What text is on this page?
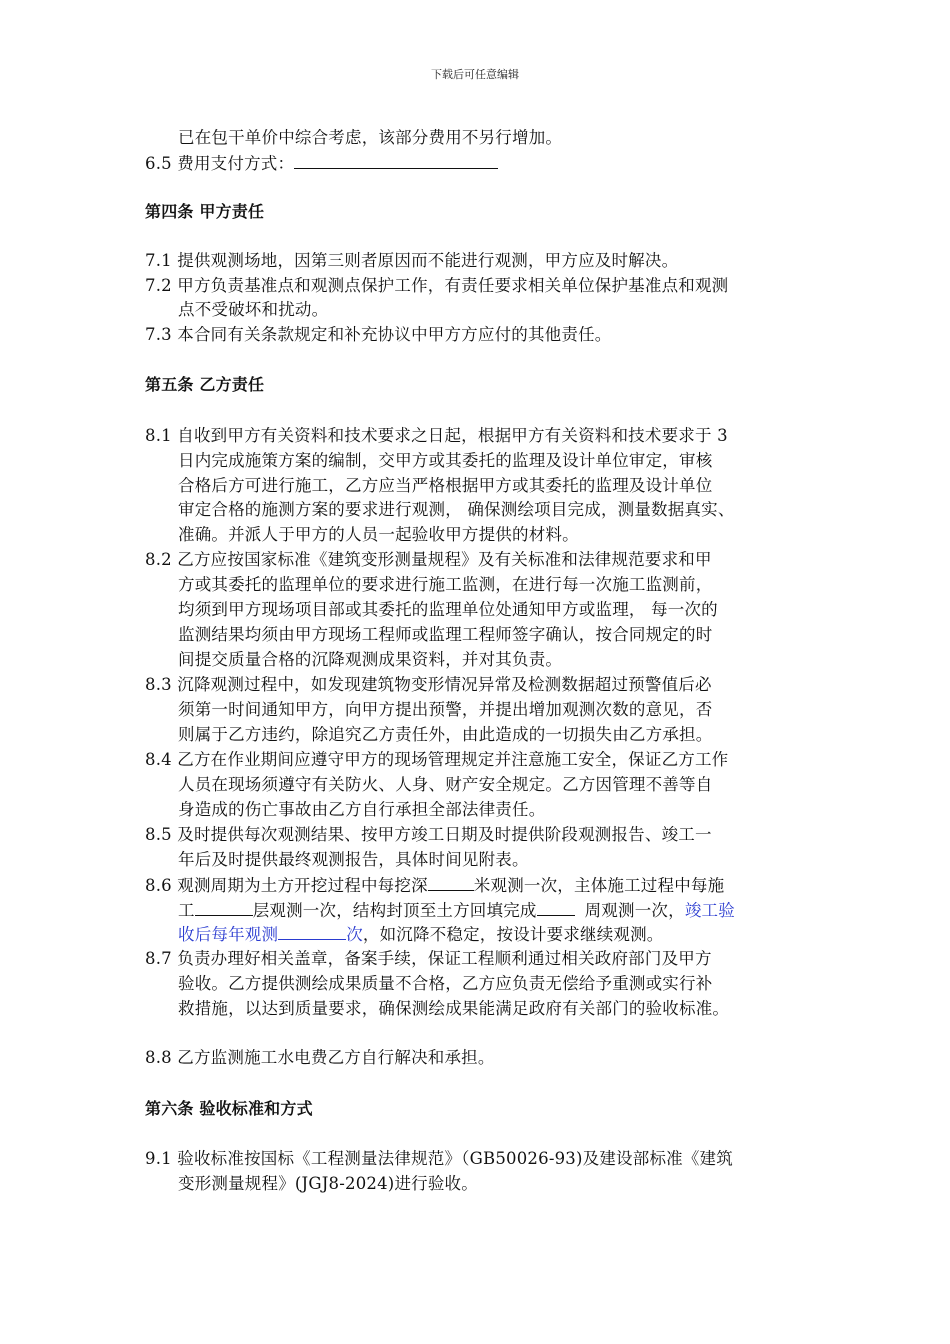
下载后可任意编辑
已在包干单价中综合考虑，该部分费用不另行增加。
6.5 费用支付方式：
第四条 甲方责任
7.1 提供观测场地，因第三则者原因而不能进行观测，甲方应及时解决。
7.2 甲方负责基准点和观测点保护工作，有责任要求相关单位保护基准点和观测
点不受破坏和扰动。
7.3 本合同有关条款规定和补充协议中甲方方应付的其他责任。
第五条 乙方责任
8.1 自收到甲方有关资料和技术要求之日起，根据甲方有关资料和技术要求于 3
日内完成施策方案的编制，交甲方或其委托的监理及设计单位审定，审核
合格后方可进行施工，乙方应当严格根据甲方或其委托的监理及设计单位
审定合格的施测方案的要求进行观测， 确保测绘项目完成，测量数据真实、
准确。并派人于甲方的人员一起验收甲方提供的材料。
8.2 乙方应按国家标准《建筑变形测量规程》及有关标准和法律规范要求和甲
方或其委托的监理单位的要求进行施工监测，在进行每一次施工监测前，
均须到甲方现场项目部或其委托的监理单位处通知甲方或监理， 每一次的
监测结果均须由甲方现场工程师或监理工程师签字确认，按合同规定的时
间提交质量合格的沉降观测成果资料，并对其负责。
8.3 沉降观测过程中，如发现建筑物变形情况异常及检测数据超过预警值后必
须第一时间通知甲方，向甲方提出预警，并提出增加观测次数的意见，否
则属于乙方违约，除追究乙方责任外，由此造成的一切损失由乙方承担。
8.4 乙方在作业期间应遵守甲方的现场管理规定并注意施工安全，保证乙方工作
人员在现场须遵守有关防火、人身、财产安全规定。乙方因管理不善等自
身造成的伤亡事故由乙方自行承担全部法律责任。
8.5 及时提供每次观测结果、按甲方竣工日期及时提供阶段观测报告、竣工一
年后及时提供最终观测报告，具体时间见附表。
8.6 观测周期为土方开挖过程中每挖深	米观测一次，主体施工过程中每施
工	层观测一次，结构封顶至土方回填完成	周观测一次，竣工验
收后每年观测	次，如沉降不稳定，按设计要求继续观测。
8.7 负责办理好相关盖章，备案手续，保证工程顺利通过相关政府部门及甲方
验收。乙方提供测绘成果质量不合格，乙方应负责无偿给予重测或实行补
救措施，以达到质量要求，确保测绘成果能满足政府有关部门的验收标准。
8.8 乙方监测施工水电费乙方自行解决和承担。
第六条 验收标准和方式
9.1 验收标准按国标《工程测量法律规范》（GB50026-93)及建设部标准《建筑
变形测量规程》(JGJ8-2024)进行验收。
